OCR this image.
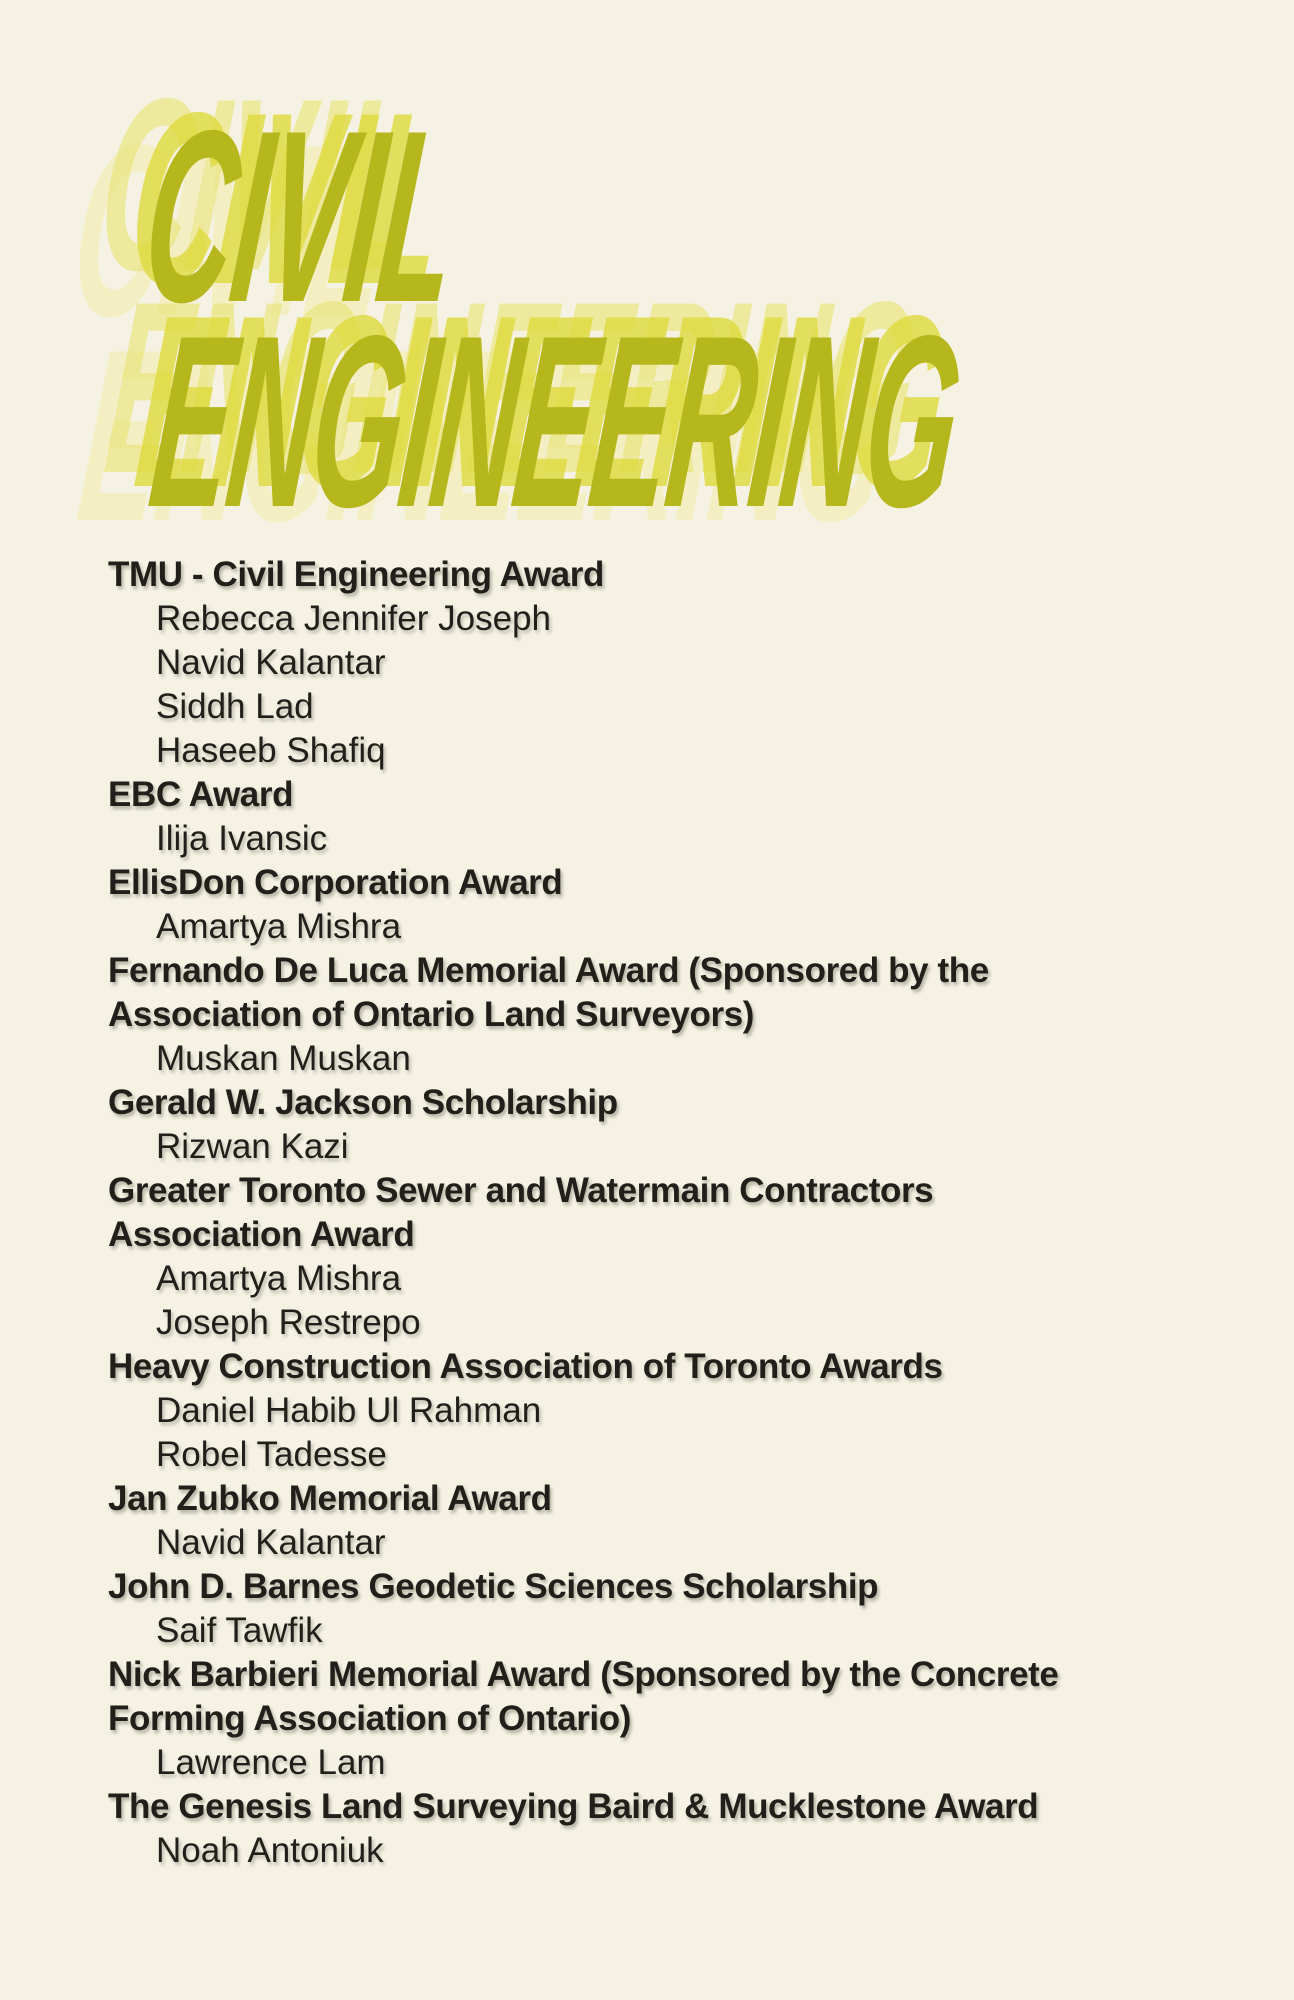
CIVIL
ENGINEERING
TMU - Civil Engineering Award
Rebecca Jennifer Joseph
Navid Kalantar
Siddh Lad
Haseeb Shafiq
EBC Award
Ilija Ivansic
EllisDon Corporation Award
Amartya Mishra
Fernando De Luca Memorial Award (Sponsored by the
Association of Ontario Land Surveyors)
Muskan Muskan
Gerald W. Jackson Scholarship
Rizwan Kazi
Greater Toronto Sewer and Watermain Contractors
Association Award
Amartya Mishra
Joseph Restrepo
Heavy Construction Association of Toronto Awards
Daniel Habib Ul Rahman
Robel Tadesse
Jan Zubko Memorial Award
Navid Kalantar
John D. Barnes Geodetic Sciences Scholarship
Saif Tawfik
Nick Barbieri Memorial Award (Sponsored by the Concrete
Forming Association of Ontario)
Lawrence Lam
The Genesis Land Surveying Baird & Mucklestone Award
Noah Antoniuk
